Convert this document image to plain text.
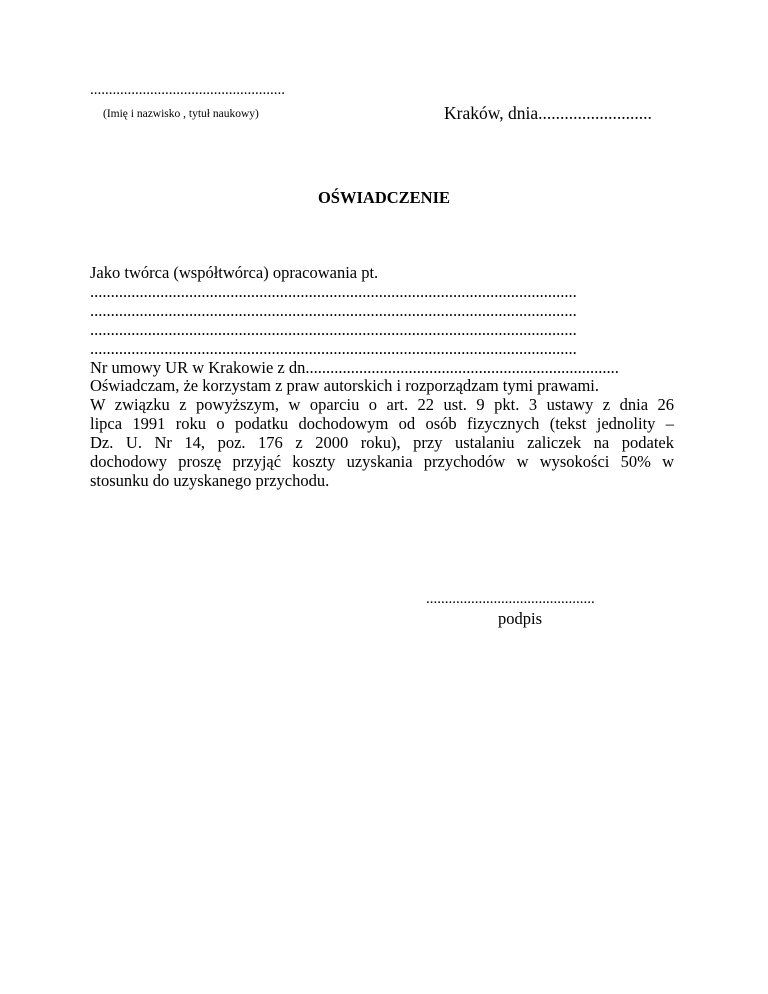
....................................................
(Imię i nazwisko , tytuł naukowy)	Kraków, dnia..........................
OŚWIADCZENIE
Jako twórca (współtwórca) opracowania pt.
......................................................................................................................
......................................................................................................................
......................................................................................................................
......................................................................................................................
Nr umowy UR w Krakowie z dn............................................................................
Oświadczam, że korzystam z praw autorskich i rozporządzam tymi prawami.
W związku z powyższym, w oparciu o art. 22 ust. 9 pkt. 3 ustawy z dnia 26
lipca 1991 roku o podatku dochodowym od osób fizycznych (tekst jednolity –
Dz. U. Nr 14, poz. 176 z 2000 roku), przy ustalaniu zaliczek na podatek
dochodowy proszę przyjąć koszty uzyskania przychodów w wysokości 50% w
stosunku do uzyskanego przychodu.
.............................................
podpis
